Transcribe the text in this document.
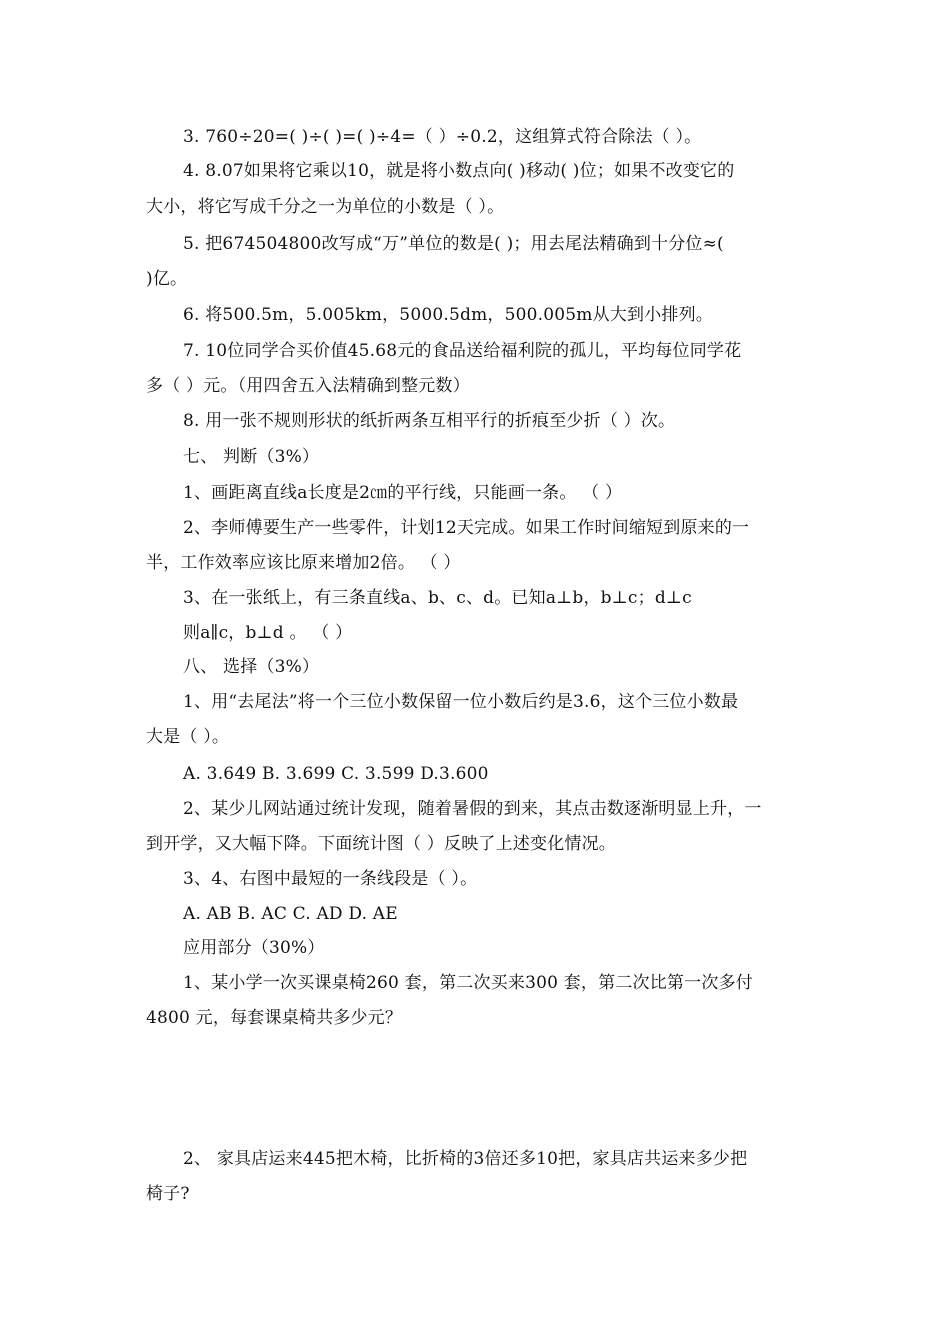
3. 760÷20=( )÷( )=( )÷4=（ ）÷0.2，这组算式符合除法（ ）。
4. 8.07如果将它乘以10，就是将小数点向( )移动( )位；如果不改变它的
大小，将它写成千分之一为单位的小数是（ ）。
5. 把674504800改写成“万”单位的数是( )；用去尾法精确到十分位≈(
)亿。
6. 将500.5m，5.005km，5000.5dm，500.005m从大到小排列。
7. 10位同学合买价值45.68元的食品送给福利院的孤儿，平均每位同学花
多（ ）元。（用四舍五入法精确到整元数）
8. 用一张不规则形状的纸折两条互相平行的折痕至少折（ ）次。
七、 判断（3%）
1、画距离直线a长度是2㎝的平行线，只能画一条。 （ ）
2、李师傅要生产一些零件，计划12天完成。如果工作时间缩短到原来的一
半，工作效率应该比原来增加2倍。 （ ）
3、在一张纸上，有三条直线a、b、c、d。已知a⊥b，b⊥c；d⊥c
则a∥c，b⊥d 。 （ ）
八、 选择（3%）
1、用“去尾法”将一个三位小数保留一位小数后约是3.6，这个三位小数最
大是（ ）。
A. 3.649 B. 3.699 C. 3.599 D.3.600
2、某少儿网站通过统计发现，随着暑假的到来，其点击数逐渐明显上升，一
到开学，又大幅下降。下面统计图（ ）反映了上述变化情况。
3、4、右图中最短的一条线段是（ ）。
A. AB B. AC C. AD D. AE
应用部分（30%）
1、某小学一次买课桌椅260 套，第二次买来300 套，第二次比第一次多付
4800 元，每套课桌椅共多少元？
2、 家具店运来445把木椅，比折椅的3倍还多10把，家具店共运来多少把
椅子?
